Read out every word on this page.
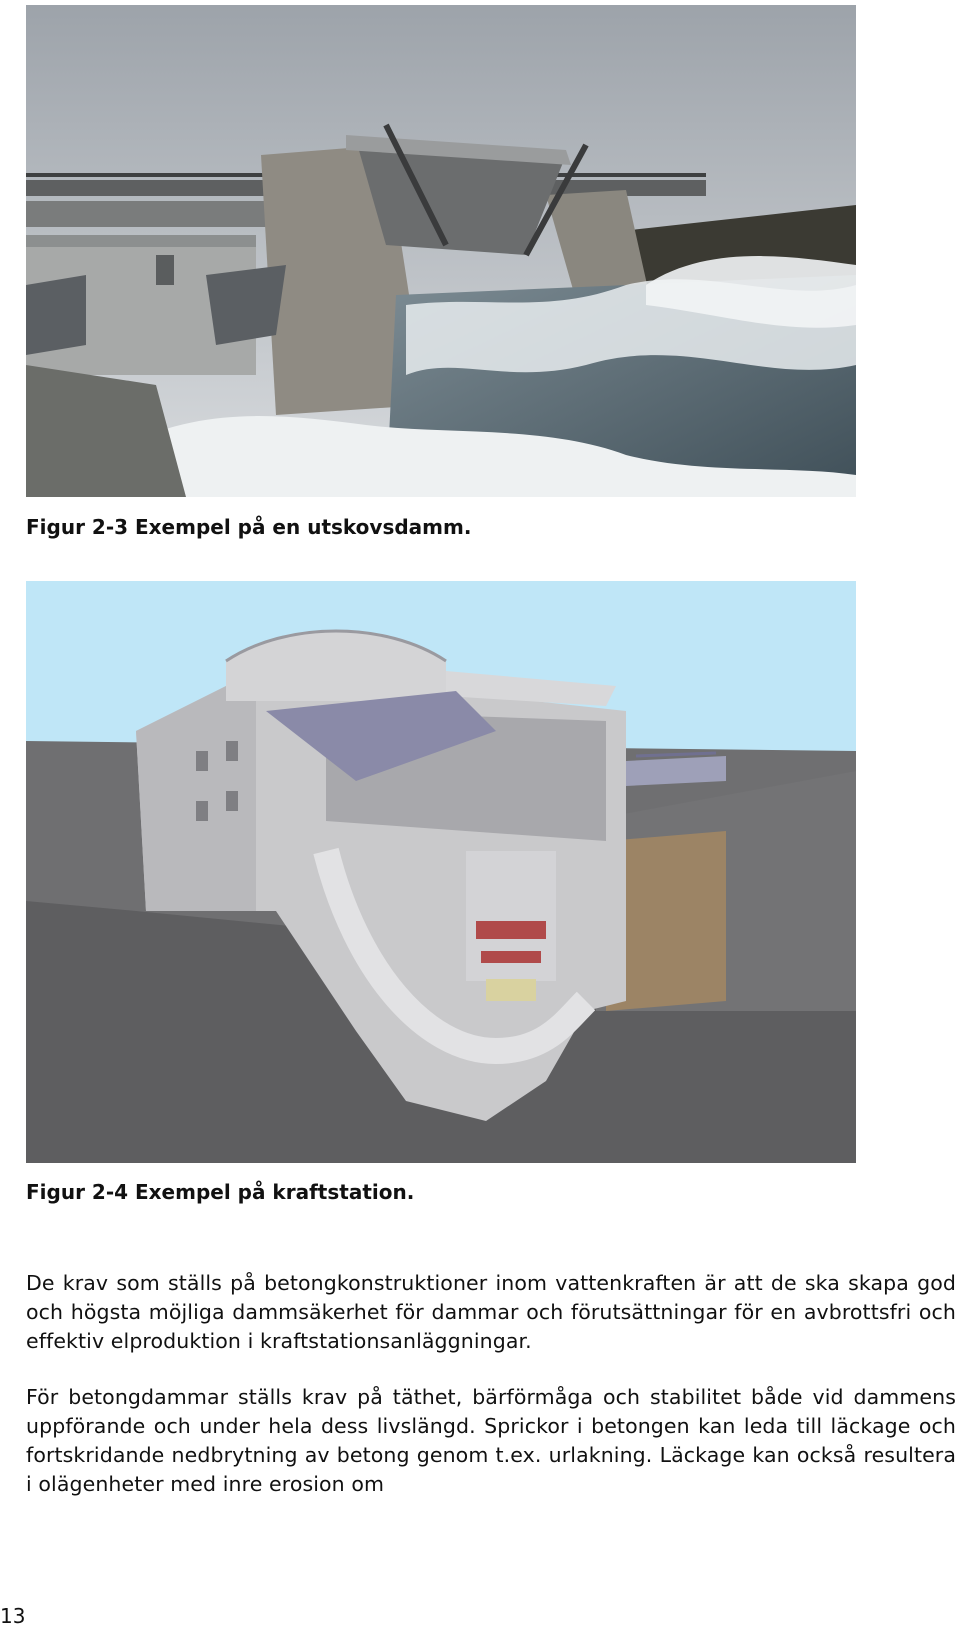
Figur 2-3 Exempel på en utskovsdamm.
Figur 2-4 Exempel på kraftstation.

De krav som ställs på betongkonstruktioner inom vattenkraften är att de ska skapa god och högsta möjliga dammsäkerhet för dammar och förutsättningar för en avbrottsfri och effektiv elproduktion i kraftstationsanläggningar.

För betongdammar ställs krav på täthet, bärförmåga och stabilitet både vid dammens uppförande och under hela dess livslängd. Sprickor i betongen kan leda till läckage och fortskridande nedbrytning av betong genom t.ex. urlakning. Läckage kan också resultera i olägenheter med inre erosion om

13
